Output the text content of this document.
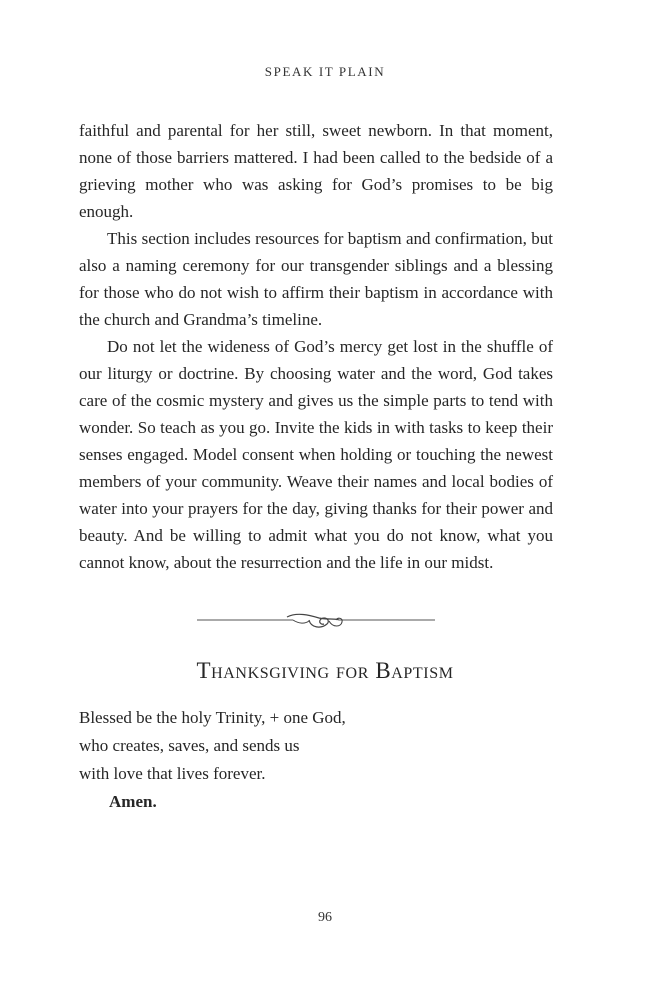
SPEAK IT PLAIN

faithful and parental for her still, sweet newborn. In that moment, none of those barriers mattered. I had been called to the bedside of a grieving mother who was asking for God’s promises to be big enough.

This section includes resources for baptism and confirmation, but also a naming ceremony for our transgender siblings and a blessing for those who do not wish to affirm their baptism in accordance with the church and Grandma’s timeline.

Do not let the wideness of God’s mercy get lost in the shuffle of our liturgy or doctrine. By choosing water and the word, God takes care of the cosmic mystery and gives us the simple parts to tend with wonder. So teach as you go. Invite the kids in with tasks to keep their senses engaged. Model consent when holding or touching the newest members of your community. Weave their names and local bodies of water into your prayers for the day, giving thanks for their power and beauty. And be willing to admit what you do not know, what you cannot know, about the resurrection and the life in our midst.

Thanksgiving for Baptism
Blessed be the holy Trinity, + one God,
who creates, saves, and sends us
with love that lives forever.
Amen.
96
